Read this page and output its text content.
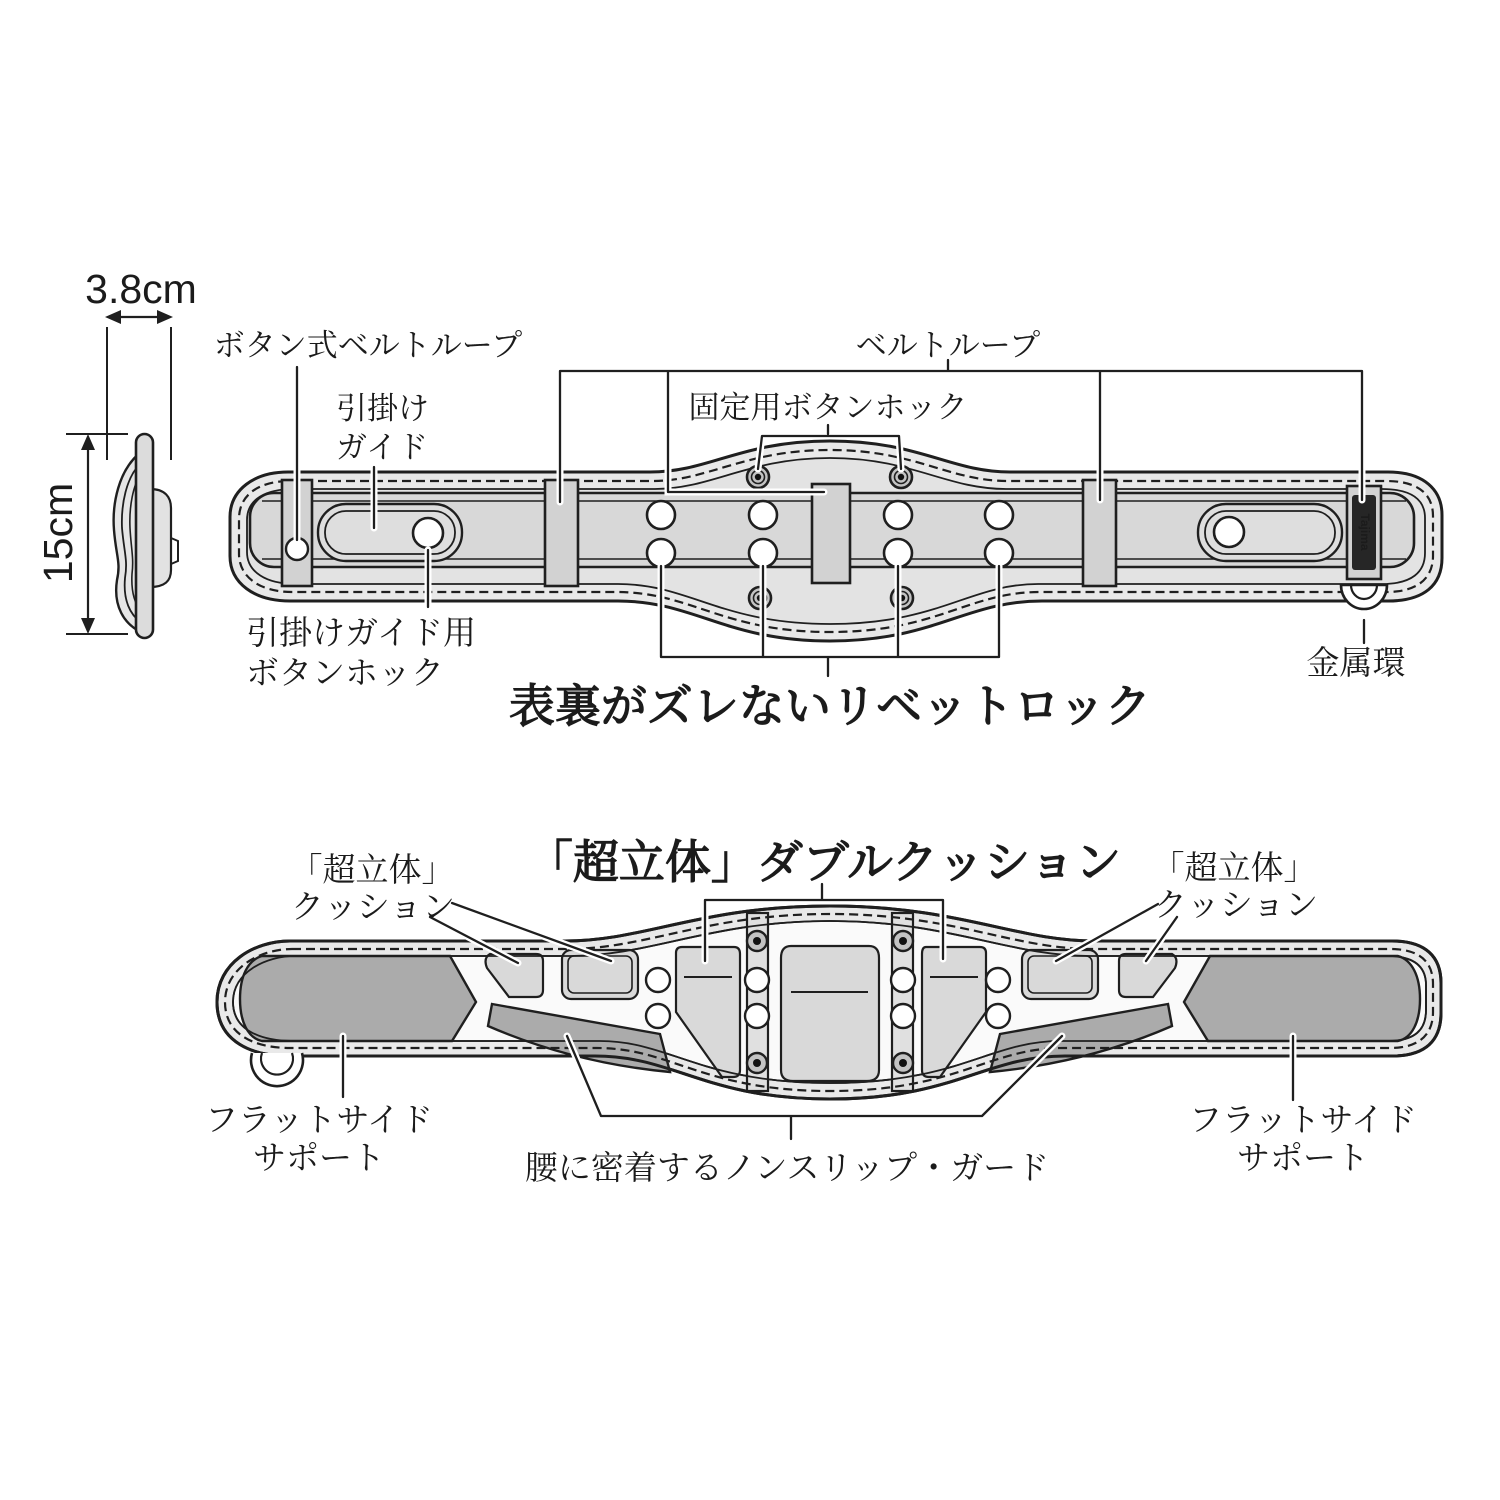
3.8cm
15cm	Tajima
ボタン式ベルトループ
引掛け
ガイド
ベルトループ
固定用ボタンホック
引掛けガイド用
ボタンホック
表裏がズレないリベットロック
金属環
「超立体」ダブルクッション
「超立体」
クッション
「超立体」
クッション
フラットサイド
サポート
フラットサイド
サポート
腰に密着するノンスリップ・ガード
